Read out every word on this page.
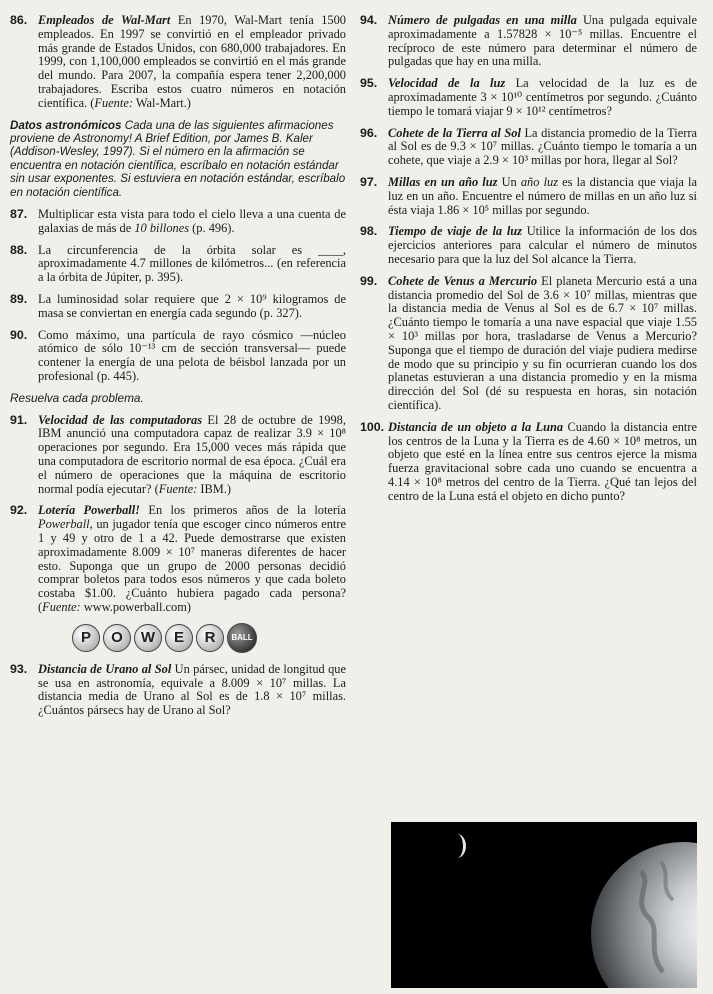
86. Empleados de Wal-Mart En 1970, Wal-Mart tenía 1500 empleados. En 1997 se convirtió en el empleador privado más grande de Estados Unidos, con 680,000 trabajadores. En 1999, con 1,100,000 empleados se convirtió en el más grande del mundo. Para 2007, la compañía espera tener 2,200,000 trabajadores. Escriba estos cuatro números en notación científica. (Fuente: Wal-Mart.)
Datos astronómicos Cada una de las siguientes afirmaciones proviene de Astronomy! A Brief Edition, por James B. Kaler (Addison-Wesley, 1997). Si el número en la afirmación se encuentra en notación científica, escríbalo en notación estándar sin usar exponentes. Si estuviera en notación estándar, escríbalo en notación científica.
87. Multiplicar esta vista para todo el cielo lleva a una cuenta de galaxias de más de 10 billones (p. 496).
88. La circunferencia de la órbita solar es ____, aproximadamente 4.7 millones de kilómetros... (en referencia a la órbita de Júpiter, p. 395).
89. La luminosidad solar requiere que 2 × 10⁹ kilogramos de masa se conviertan en energía cada segundo (p. 327).
90. Como máximo, una partícula de rayo cósmico —núcleo atómico de sólo 10⁻¹³ cm de sección transversal— puede contener la energía de una pelota de béisbol lanzada por un profesional (p. 445).
Resuelva cada problema.
91. Velocidad de las computadoras El 28 de octubre de 1998, IBM anunció una computadora capaz de realizar 3.9 × 10⁸ operaciones por segundo. Era 15,000 veces más rápida que una computadora de escritorio normal de esa época. ¿Cuál era el número de operaciones que la máquina de escritorio normal podía ejecutar? (Fuente: IBM.)
92. Lotería Powerball! En los primeros años de la lotería Powerball, un jugador tenía que escoger cinco números entre 1 y 49 y otro de 1 a 42. Puede demostrarse que existen aproximadamente 8.009 × 10⁷ maneras diferentes de hacer esto. Suponga que un grupo de 2000 personas decidió comprar boletos para todos esos números y que cada boleto costaba $1.00. ¿Cuánto hubiera pagado cada persona? (Fuente: www.powerball.com)
P	O	W	E	R	BALL
93. Distancia de Urano al Sol Un pársec, unidad de longitud que se usa en astronomía, equivale a 8.009 × 10⁷ millas. La distancia media de Urano al Sol es de 1.8 × 10⁷ millas. ¿Cuántos pársecs hay de Urano al Sol?
94. Número de pulgadas en una milla Una pulgada equivale aproximadamente a 1.57828 × 10⁻⁵ millas. Encuentre el recíproco de este número para determinar el número de pulgadas que hay en una milla.
95. Velocidad de la luz La velocidad de la luz es de aproximadamente 3 × 10¹⁰ centímetros por segundo. ¿Cuánto tiempo le tomará viajar 9 × 10¹² centímetros?
96. Cohete de la Tierra al Sol La distancia promedio de la Tierra al Sol es de 9.3 × 10⁷ millas. ¿Cuánto tiempo le tomaría a un cohete, que viaje a 2.9 × 10³ millas por hora, llegar al Sol?
97. Millas en un año luz Un año luz es la distancia que viaja la luz en un año. Encuentre el número de millas en un año luz si ésta viaja 1.86 × 10⁵ millas por segundo.
98. Tiempo de viaje de la luz Utilice la información de los dos ejercicios anteriores para calcular el número de minutos necesario para que la luz del Sol alcance la Tierra.
99. Cohete de Venus a Mercurio El planeta Mercurio está a una distancia promedio del Sol de 3.6 × 10⁷ millas, mientras que la distancia media de Venus al Sol es de 6.7 × 10⁷ millas. ¿Cuánto tiempo le tomaría a una nave espacial que viaje 1.55 × 10³ millas por hora, trasladarse de Venus a Mercurio? Suponga que el tiempo de duración del viaje pudiera medirse de modo que su principio y su fin ocurrieran cuando los dos planetas estuvieran a una distancia promedio y en la misma dirección del Sol (dé su respuesta en horas, sin notación científica).
100. Distancia de un objeto a la Luna Cuando la distancia entre los centros de la Luna y la Tierra es de 4.60 × 10⁸ metros, un objeto que esté en la línea entre sus centros ejerce la misma fuerza gravitacional sobre cada uno cuando se encuentra a 4.14 × 10⁸ metros del centro de la Tierra. ¿Qué tan lejos del centro de la Luna está el objeto en dicho punto?
